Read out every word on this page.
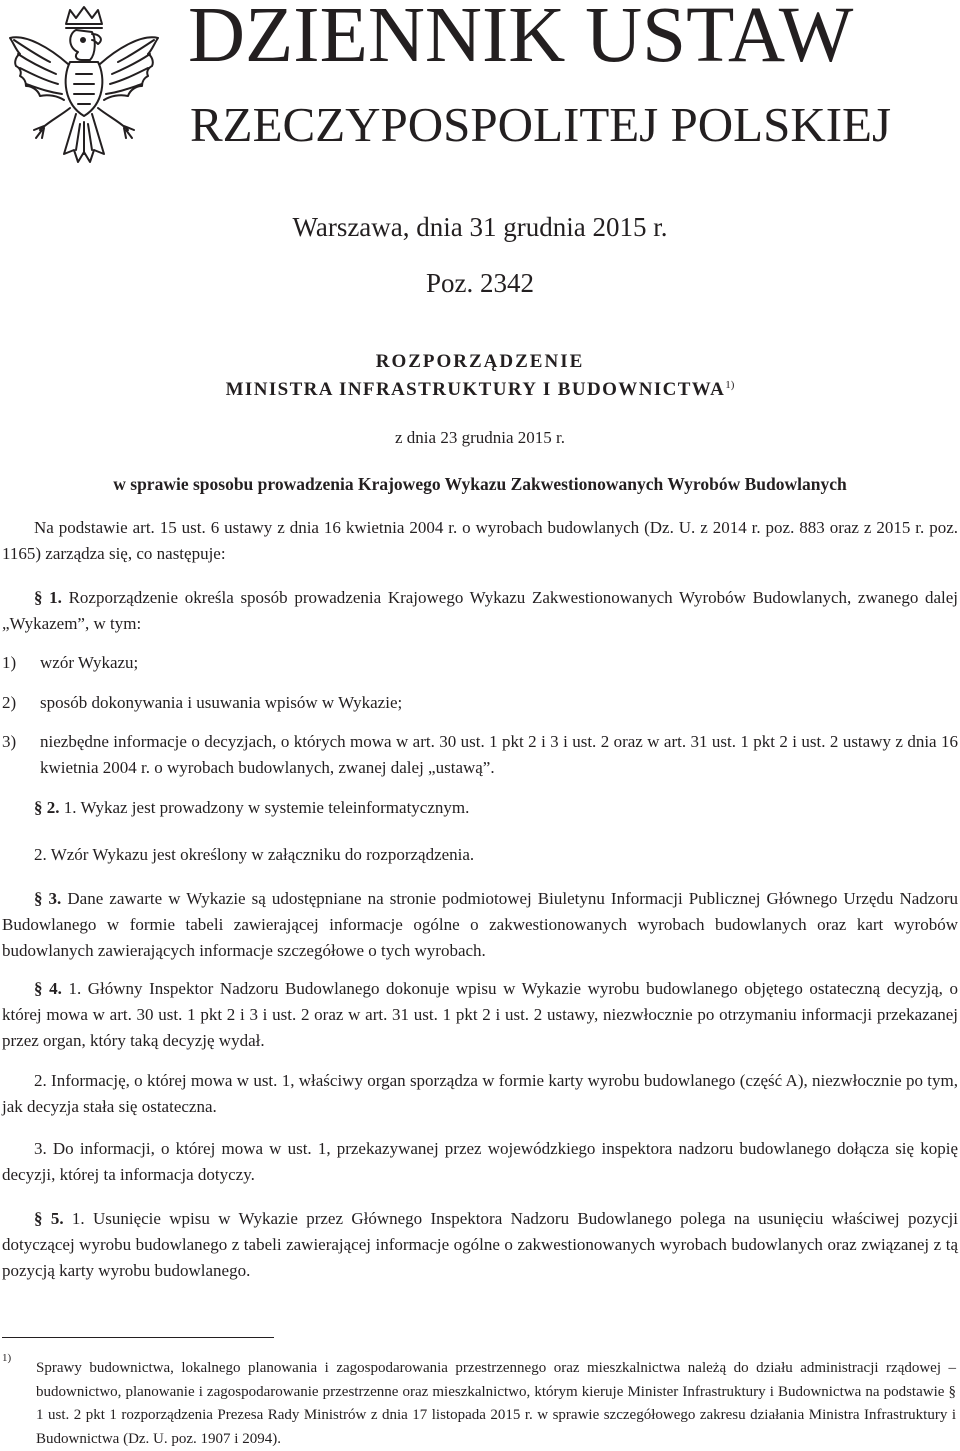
DZIENNIK USTAW
RZECZYPOSPOLITEJ POLSKIEJ
Warszawa, dnia 31 grudnia 2015 r.
Poz. 2342
ROZPORZĄDZENIE
MINISTRA INFRASTRUKTURY I BUDOWNICTWA$^{1)}$
z dnia 23 grudnia 2015 r.
w sprawie sposobu prowadzenia Krajowego Wykazu Zakwestionowanych Wyrobów Budowlanych
Na podstawie art. 15 ust. 6 ustawy z dnia 16 kwietnia 2004 r. o wyrobach budowlanych (Dz. U. z 2014 r. poz. 883 oraz z 2015 r. poz. 1165) zarządza się, co następuje:
§ 1. Rozporządzenie określa sposób prowadzenia Krajowego Wykazu Zakwestionowanych Wyrobów Budowlanych, zwanego dalej „Wykazem”, w tym:
1) wzór Wykazu;
2) sposób dokonywania i usuwania wpisów w Wykazie;
3) niezbędne informacje o decyzjach, o których mowa w art. 30 ust. 1 pkt 2 i 3 i ust. 2 oraz w art. 31 ust. 1 pkt 2 i ust. 2 ustawy z dnia 16 kwietnia 2004 r. o wyrobach budowlanych, zwanej dalej „ustawą”.
§ 2. 1. Wykaz jest prowadzony w systemie teleinformatycznym.
2. Wzór Wykazu jest określony w załączniku do rozporządzenia.
§ 3. Dane zawarte w Wykazie są udostępniane na stronie podmiotowej Biuletynu Informacji Publicznej Głównego Urzędu Nadzoru Budowlanego w formie tabeli zawierającej informacje ogólne o zakwestionowanych wyrobach budowlanych oraz kart wyrobów budowlanych zawierających informacje szczegółowe o tych wyrobach.
§ 4. 1. Główny Inspektor Nadzoru Budowlanego dokonuje wpisu w Wykazie wyrobu budowlanego objętego ostateczną decyzją, o której mowa w art. 30 ust. 1 pkt 2 i 3 i ust. 2 oraz w art. 31 ust. 1 pkt 2 i ust. 2 ustawy, niezwłocznie po otrzymaniu informacji przekazanej przez organ, który taką decyzję wydał.
2. Informację, o której mowa w ust. 1, właściwy organ sporządza w formie karty wyrobu budowlanego (część A), niezwłocznie po tym, jak decyzja stała się ostateczna.
3. Do informacji, o której mowa w ust. 1, przekazywanej przez wojewódzkiego inspektora nadzoru budowlanego dołącza się kopię decyzji, której ta informacja dotyczy.
§ 5. 1. Usunięcie wpisu w Wykazie przez Głównego Inspektora Nadzoru Budowlanego polega na usunięciu właściwej pozycji dotyczącej wyrobu budowlanego z tabeli zawierającej informacje ogólne o zakwestionowanych wyrobach budowlanych oraz związanej z tą pozycją karty wyrobu budowlanego.
1)
Sprawy budownictwa, lokalnego planowania i zagospodarowania przestrzennego oraz mieszkalnictwa należą do działu administracji rządowej – budownictwo, planowanie i zagospodarowanie przestrzenne oraz mieszkalnictwo, którym kieruje Minister Infrastruktury i Budownictwa na podstawie § 1 ust. 2 pkt 1 rozporządzenia Prezesa Rady Ministrów z dnia 17 listopada 2015 r. w sprawie szczegółowego zakresu działania Ministra Infrastruktury i Budownictwa (Dz. U. poz. 1907 i 2094).
